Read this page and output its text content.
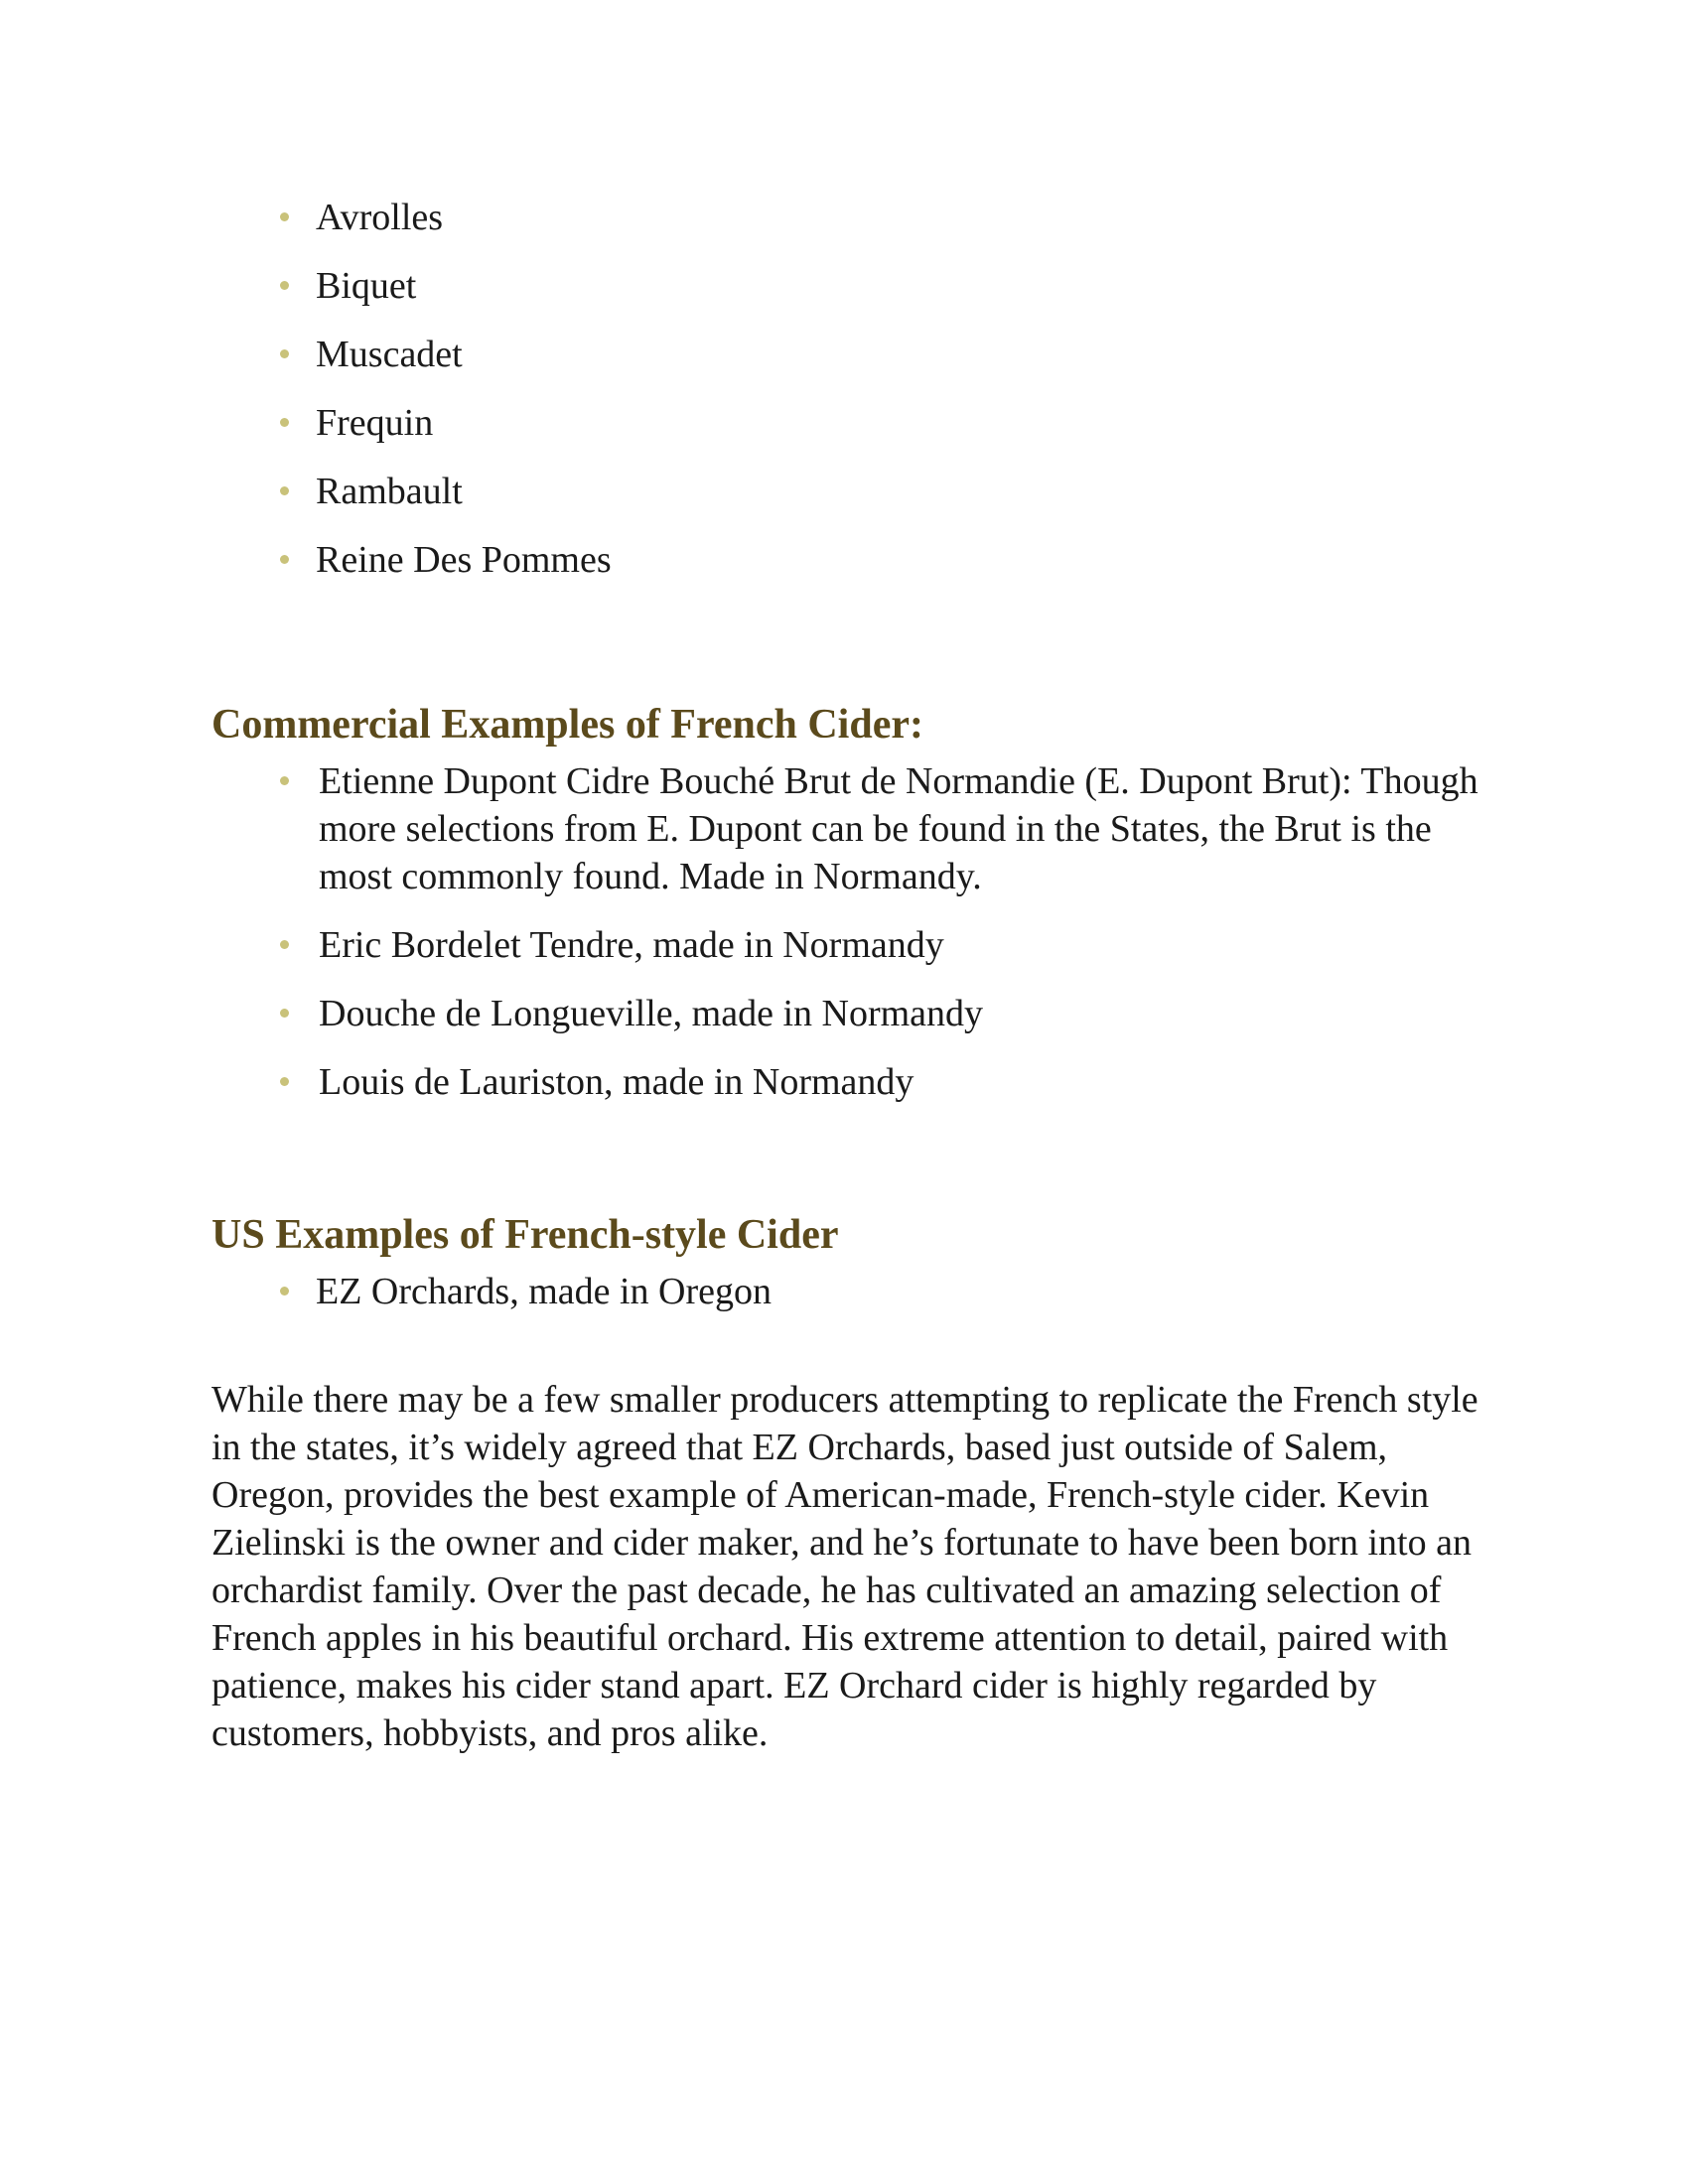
Avrolles
Biquet
Muscadet
Frequin
Rambault
Reine Des Pommes
Commercial Examples of French Cider:
Etienne Dupont Cidre Bouché Brut de Normandie (E. Dupont Brut): Though more selections from E. Dupont can be found in the States, the Brut is the most commonly found. Made in Normandy.
Eric Bordelet Tendre, made in Normandy
Douche de Longueville, made in Normandy
Louis de Lauriston, made in Normandy
US Examples of French-style Cider
EZ Orchards, made in Oregon

While there may be a few smaller producers attempting to replicate the French style in the states, it’s widely agreed that EZ Orchards, based just outside of Salem, Oregon, provides the best example of American-made, French-style cider. Kevin Zielinski is the owner and cider maker, and he’s fortunate to have been born into an orchardist family. Over the past decade, he has cultivated an amazing selection of French apples in his beautiful orchard. His extreme attention to detail, paired with patience, makes his cider stand apart. EZ Orchard cider is highly regarded by customers, hobbyists, and pros alike.
